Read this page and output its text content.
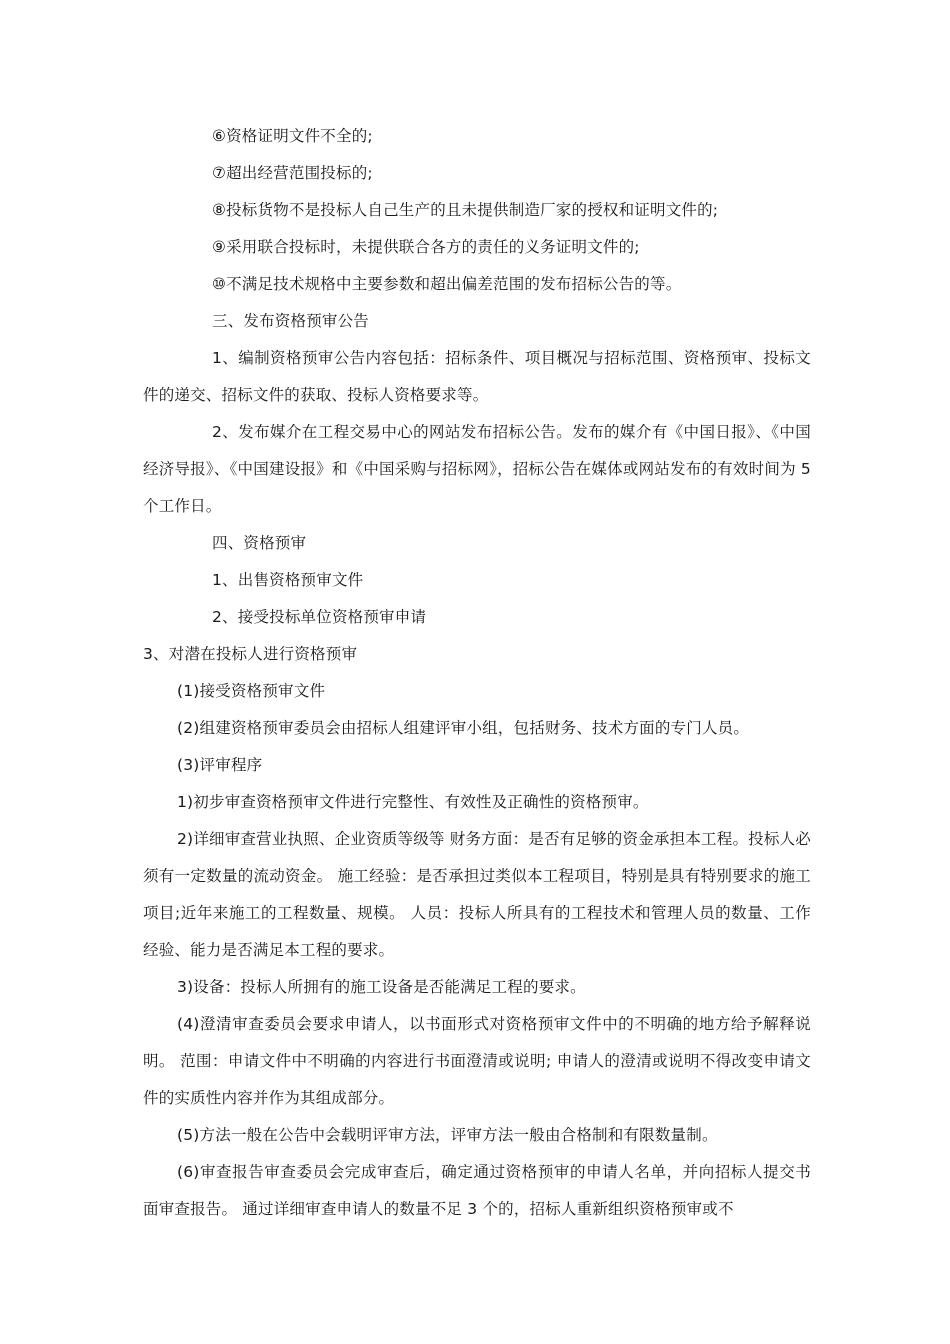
⑥资格证明文件不全的;

⑦超出经营范围投标的;

⑧投标货物不是投标人自己生产的且未提供制造厂家的授权和证明文件的;

⑨采用联合投标时，未提供联合各方的责任的义务证明文件的;

⑩不满足技术规格中主要参数和超出偏差范围的发布招标公告的等。

三、发布资格预审公告

1、编制资格预审公告内容包括：招标条件、项目概况与招标范围、资格预审、投标文件的递交、招标文件的获取、投标人资格要求等。

2、发布媒介在工程交易中心的网站发布招标公告。发布的媒介有《中国日报》、《中国经济导报》、《中国建设报》和《中国采购与招标网》，招标公告在媒体或网站发布的有效时间为 5 个工作日。

四、资格预审

1、出售资格预审文件

2、接受投标单位资格预审申请

3、对潜在投标人进行资格预审

(1)接受资格预审文件

(2)组建资格预审委员会由招标人组建评审小组，包括财务、技术方面的专门人员。

(3)评审程序

1)初步审查资格预审文件进行完整性、有效性及正确性的资格预审。

2)详细审查营业执照、企业资质等级等 财务方面：是否有足够的资金承担本工程。投标人必须有一定数量的流动资金。 施工经验：是否承担过类似本工程项目，特别是具有特别要求的施工项目;近年来施工的工程数量、规模。 人员：投标人所具有的工程技术和管理人员的数量、工作经验、能力是否满足本工程的要求。

3)设备：投标人所拥有的施工设备是否能满足工程的要求。

(4)澄清审查委员会要求申请人，以书面形式对资格预审文件中的不明确的地方给予解释说明。 范围：申请文件中不明确的内容进行书面澄清或说明; 申请人的澄清或说明不得改变申请文件的实质性内容并作为其组成部分。

(5)方法一般在公告中会载明评审方法，评审方法一般由合格制和有限数量制。

(6)审查报告审查委员会完成审查后，确定通过资格预审的申请人名单，并向招标人提交书面审查报告。 通过详细审查申请人的数量不足 3 个的，招标人重新组织资格预审或不
